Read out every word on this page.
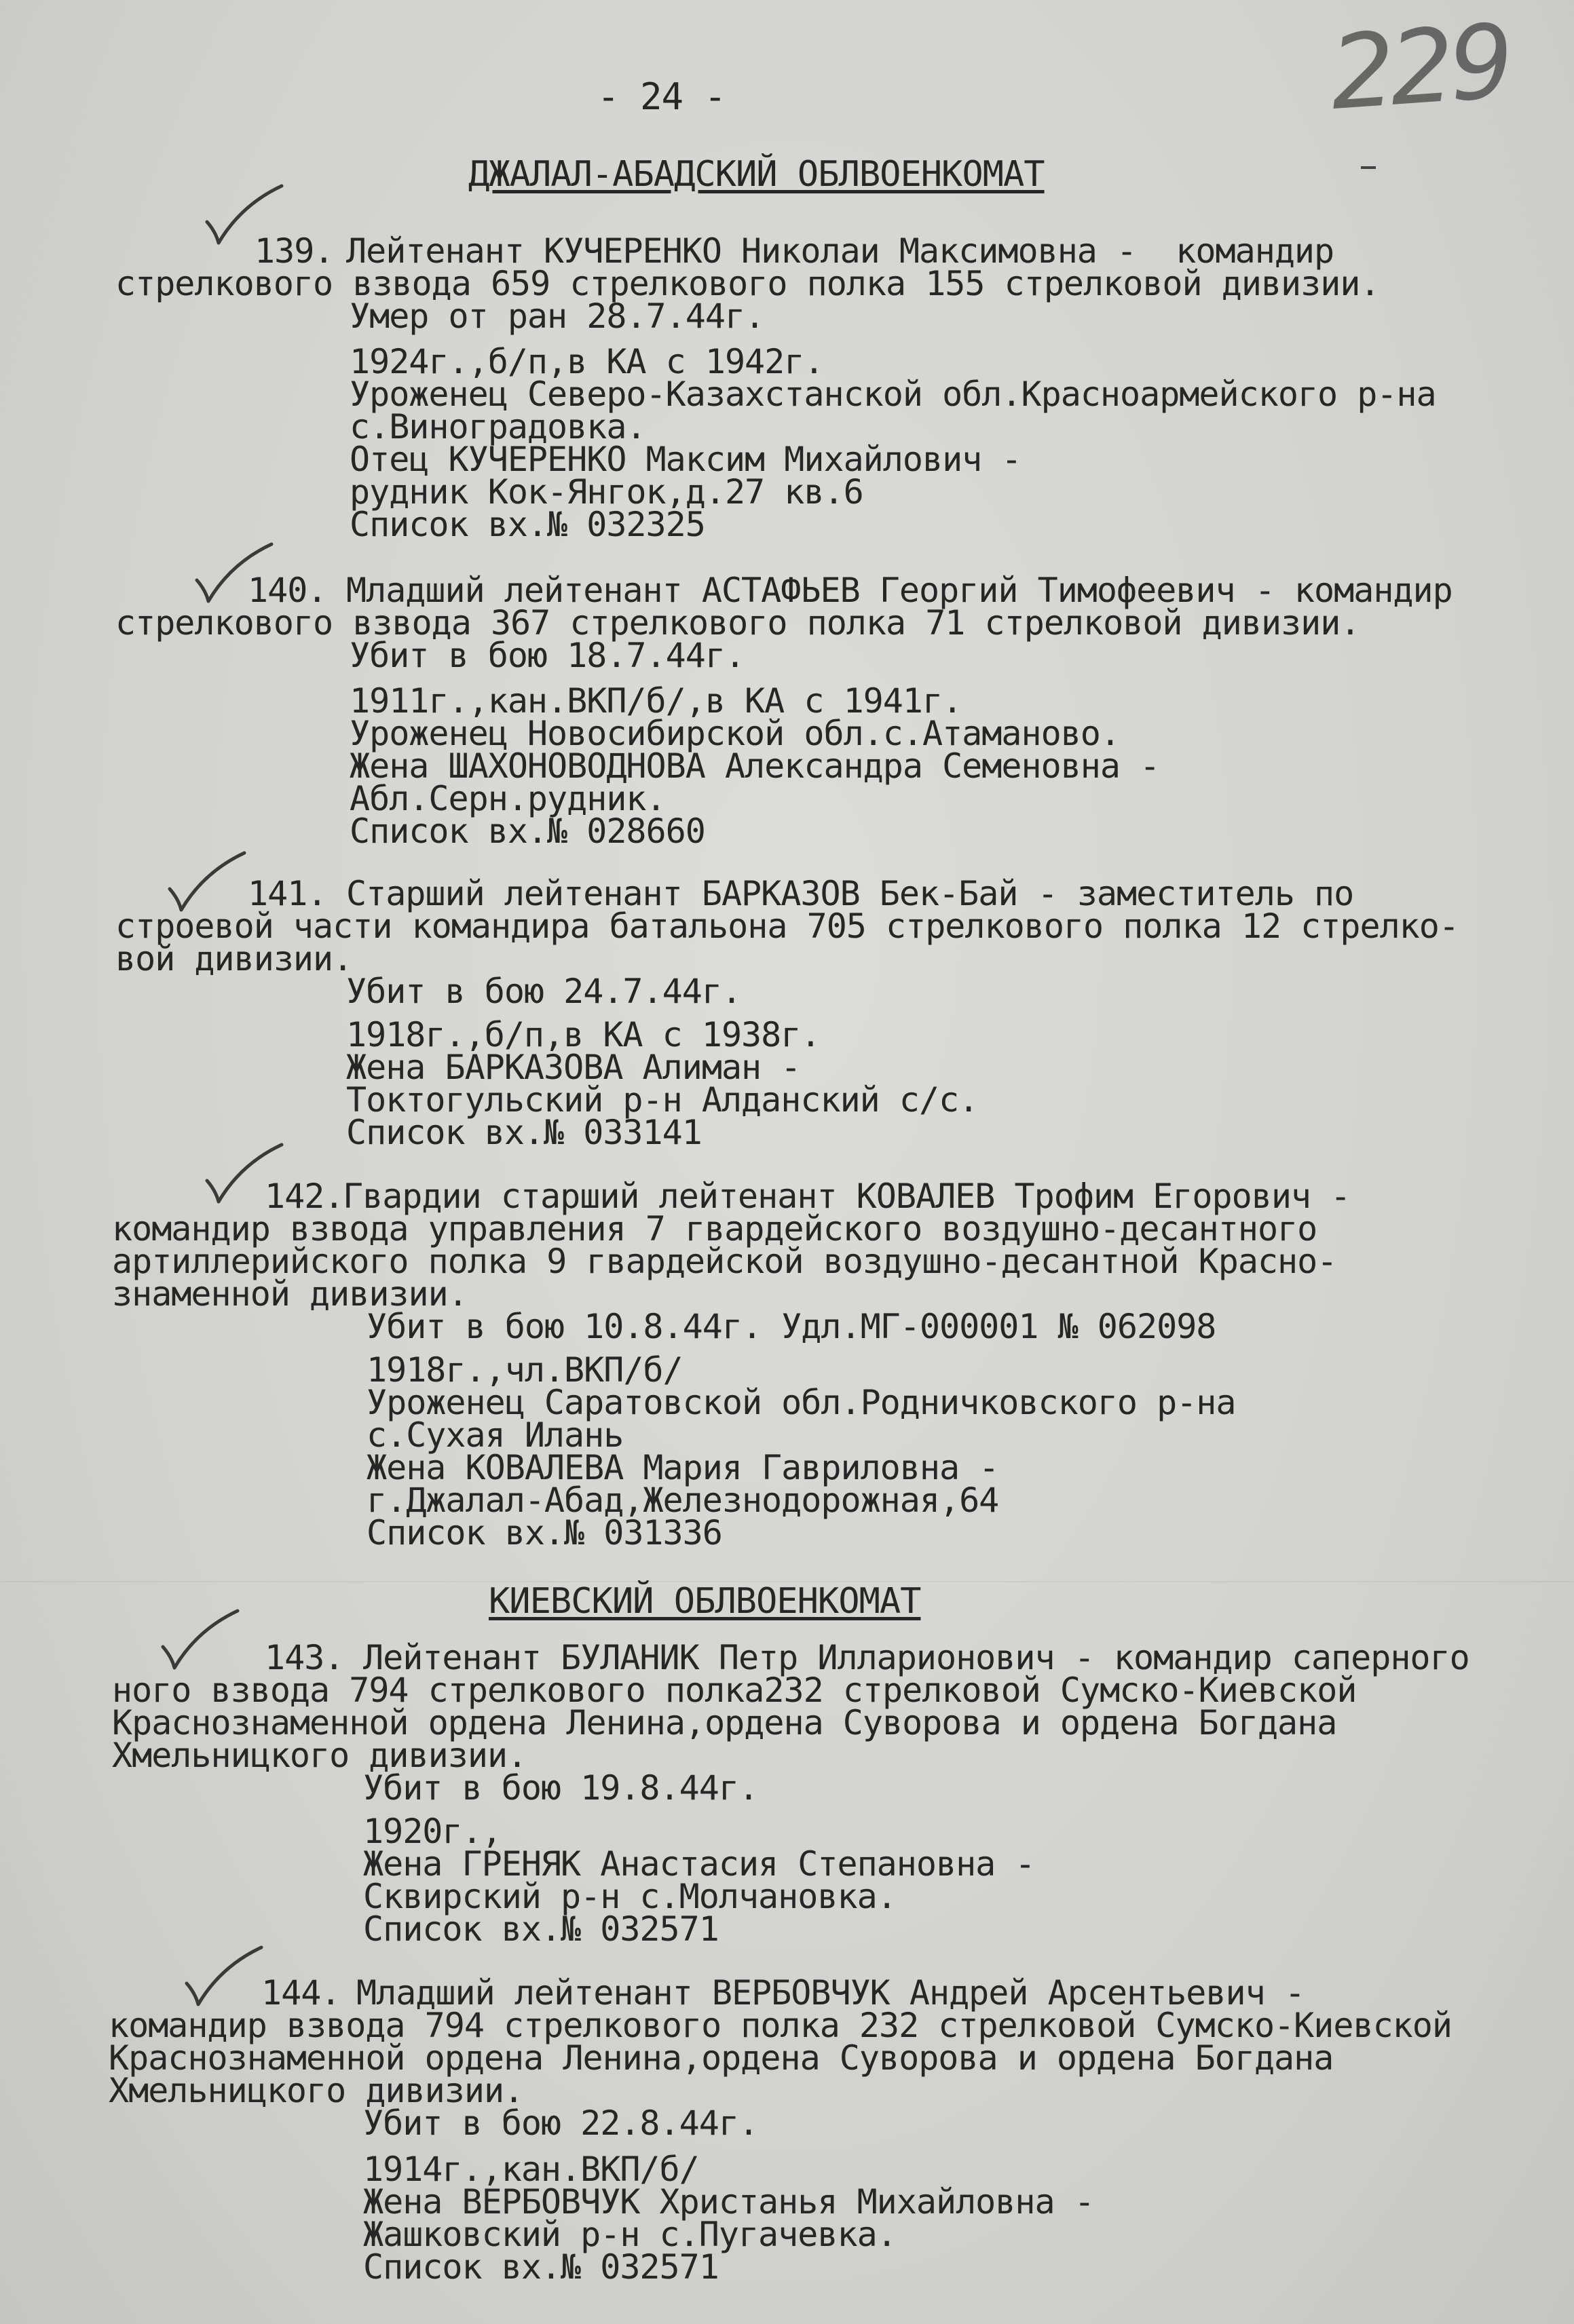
- 24 -	229
ДЖАЛАЛ-АБАДСКИЙ ОБЛВОЕНКОМАТ
139. Лейтенант КУЧЕРЕНКО Николаи Максимовна -  командир
стрелкового взвода 659 стрелкового полка 155 стрелковой дивизии.
Умер от ран 28.7.44г.
1924г.,б/п,в КА с 1942г.
Уроженец Северо-Казахстанской обл.Красноармейского р-на
с.Виноградовка.
Отец КУЧЕРЕНКО Максим Михайлович -
рудник Кок-Янгок,д.27 кв.6
Список вх.№ 032325
140. Младший лейтенант АСТАФЬЕВ Георгий Тимофеевич - командир
стрелкового взвода 367 стрелкового полка 71 стрелковой дивизии.
Убит в бою 18.7.44г.
1911г.,кан.ВКП/б/,в КА с 1941г.
Уроженец Новосибирской обл.с.Атаманово.
Жена ШАХОНОВОДНОВА Александра Семеновна -
Абл.Серн.рудник.
Список вх.№ 028660
141. Старший лейтенант БАРКАЗОВ Бек-Бай - заместитель по
строевой части командира батальона 705 стрелкового полка 12 стрелко-
вой дивизии.
Убит в бою 24.7.44г.
1918г.,б/п,в КА с 1938г.
Жена БАРКАЗОВА Алиман -
Токтогульский р-н Алданский с/с.
Список вх.№ 033141
142.
Гвардии старший лейтенант КОВАЛЕВ Трофим Егорович -
командир взвода управления 7 гвардейского воздушно-десантного
артиллерийского полка 9 гвардейской воздушно-десантной Красно-
знаменной дивизии.
Убит в бою 10.8.44г. Удл.МГ-000001 № 062098
1918г.,чл.ВКП/б/
Уроженец Саратовской обл.Родничковского р-на
с.Сухая Илань
Жена КОВАЛЕВА Мария Гавриловна -
г.Джалал-Абад,Железнодорожная,64
Список вх.№ 031336
КИЕВСКИЙ ОБЛВОЕНКОМАТ
143. Лейтенант БУЛАНИК Петр Илларионович - командир саперного
ного взвода 794 стрелкового полка232 стрелковой Сумско-Киевской
Краснознаменной ордена Ленина,ордена Суворова и ордена Богдана
Хмельницкого дивизии.
Убит в бою 19.8.44г.
1920г.,
Жена ГРЕНЯК Анастасия Степановна -
Сквирский р-н с.Молчановка.
Список вх.№ 032571
144. Младший лейтенант ВЕРБОВЧУК Андрей Арсентьевич -
командир взвода 794 стрелкового полка 232 стрелковой Сумско-Киевской
Краснознаменной ордена Ленина,ордена Суворова и ордена Богдана
Хмельницкого дивизии.
Убит в бою 22.8.44г.
1914г.,кан.ВКП/б/
Жена ВЕРБОВЧУК Христанья Михайловна -
Жашковский р-н с.Пугачевка.
Список вх.№ 032571
